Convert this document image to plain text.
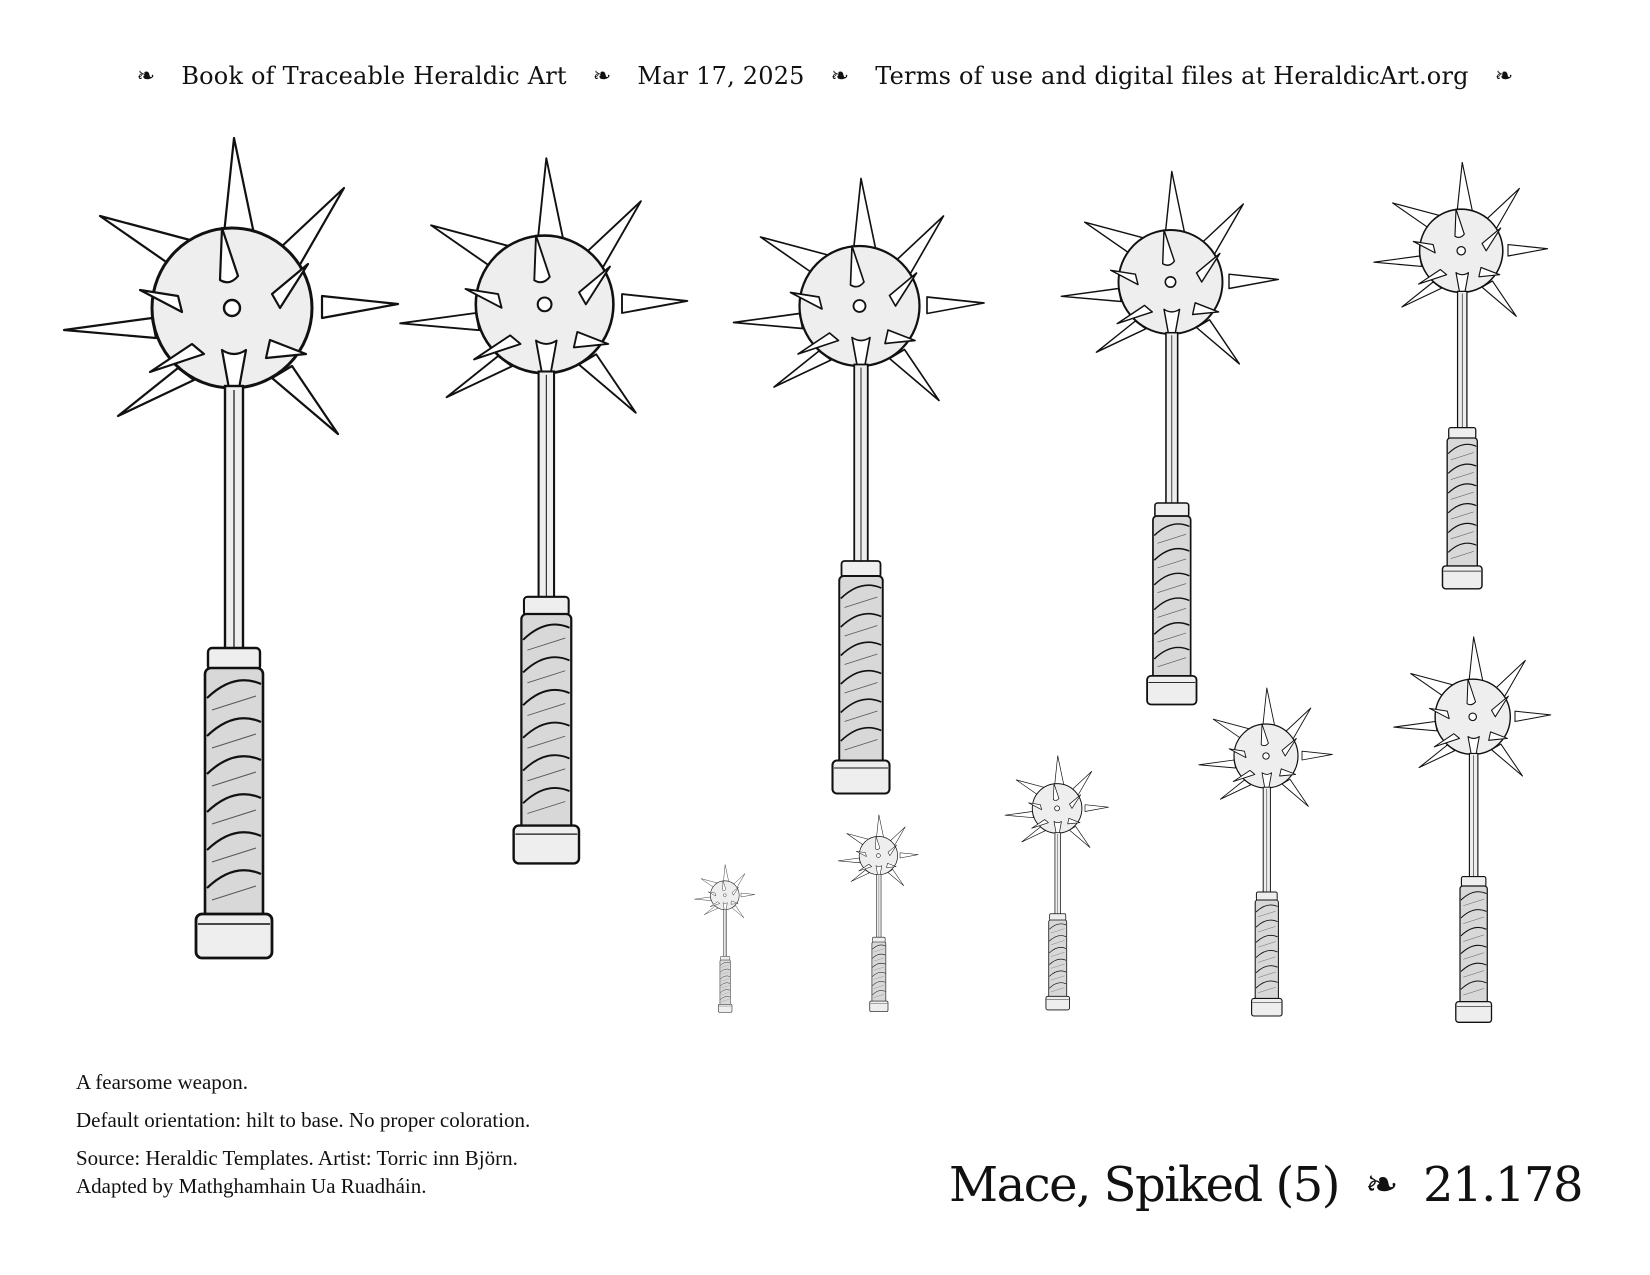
❧ Book of Traceable Heraldic Art ❧ Mar 17, 2025 ❧ Terms of use and digital files at HeraldicArt.org ❧

A fearsome weapon.

Default orientation: hilt to base. No proper coloration.

Source: Heraldic Templates. Artist: Torric inn Björn.
Adapted by Mathghamhain Ua Ruadháin.	Mace, Spiked (5) ❧ 21.178
